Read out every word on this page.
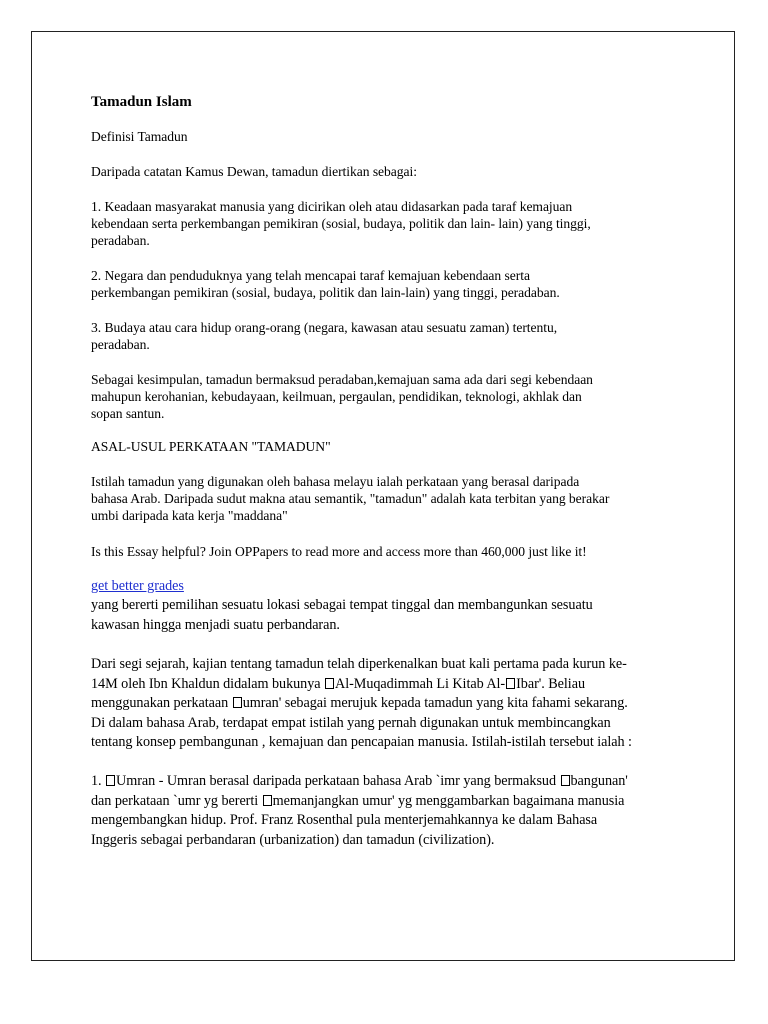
Tamadun Islam

Definisi Tamadun

Daripada catatan Kamus Dewan, tamadun diertikan sebagai:

1. Keadaan masyarakat manusia yang dicirikan oleh atau didasarkan pada taraf kemajuan
kebendaan serta perkembangan pemikiran (sosial, budaya, politik dan lain- lain) yang tinggi,
peradaban.

2. Negara dan penduduknya yang telah mencapai taraf kemajuan kebendaan serta
perkembangan pemikiran (sosial, budaya, politik dan lain-lain) yang tinggi, peradaban.

3. Budaya atau cara hidup orang-orang (negara, kawasan atau sesuatu zaman) tertentu,
peradaban.

Sebagai kesimpulan, tamadun bermaksud peradaban,kemajuan sama ada dari segi kebendaan
mahupun kerohanian, kebudayaan, keilmuan, pergaulan, pendidikan, teknologi, akhlak dan
sopan santun.

ASAL-USUL PERKATAAN "TAMADUN"

Istilah tamadun yang digunakan oleh bahasa melayu ialah perkataan yang berasal daripada
bahasa Arab. Daripada sudut makna atau semantik, "tamadun" adalah kata terbitan yang berakar
umbi daripada kata kerja "maddana"

Is this Essay helpful? Join OPPapers to read more and access more than 460,000 just like it!

get better grades

yang bererti pemilihan sesuatu lokasi sebagai tempat tinggal dan membangunkan sesuatu
kawasan hingga menjadi suatu perbandaran.

Dari segi sejarah, kajian tentang tamadun telah diperkenalkan buat kali pertama pada kurun ke-
14M oleh Ibn Khaldun didalam bukunya Al-Muqadimmah Li Kitab Al- Ibar'. Beliau
menggunakan perkataan umran' sebagai merujuk kepada tamadun yang kita fahami sekarang.
Di dalam bahasa Arab, terdapat empat istilah yang pernah digunakan untuk membincangkan
tentang konsep pembangunan , kemajuan dan pencapaian manusia. Istilah-istilah tersebut ialah :

1. Umran - Umran berasal daripada perkataan bahasa Arab `imr yang bermaksud bangunan'
dan perkataan `umr yg bererti memanjangkan umur' yg menggambarkan bagaimana manusia
mengembangkan hidup. Prof. Franz Rosenthal pula menterjemahkannya ke dalam Bahasa
Inggeris sebagai perbandaran (urbanization) dan tamadun (civilization).
